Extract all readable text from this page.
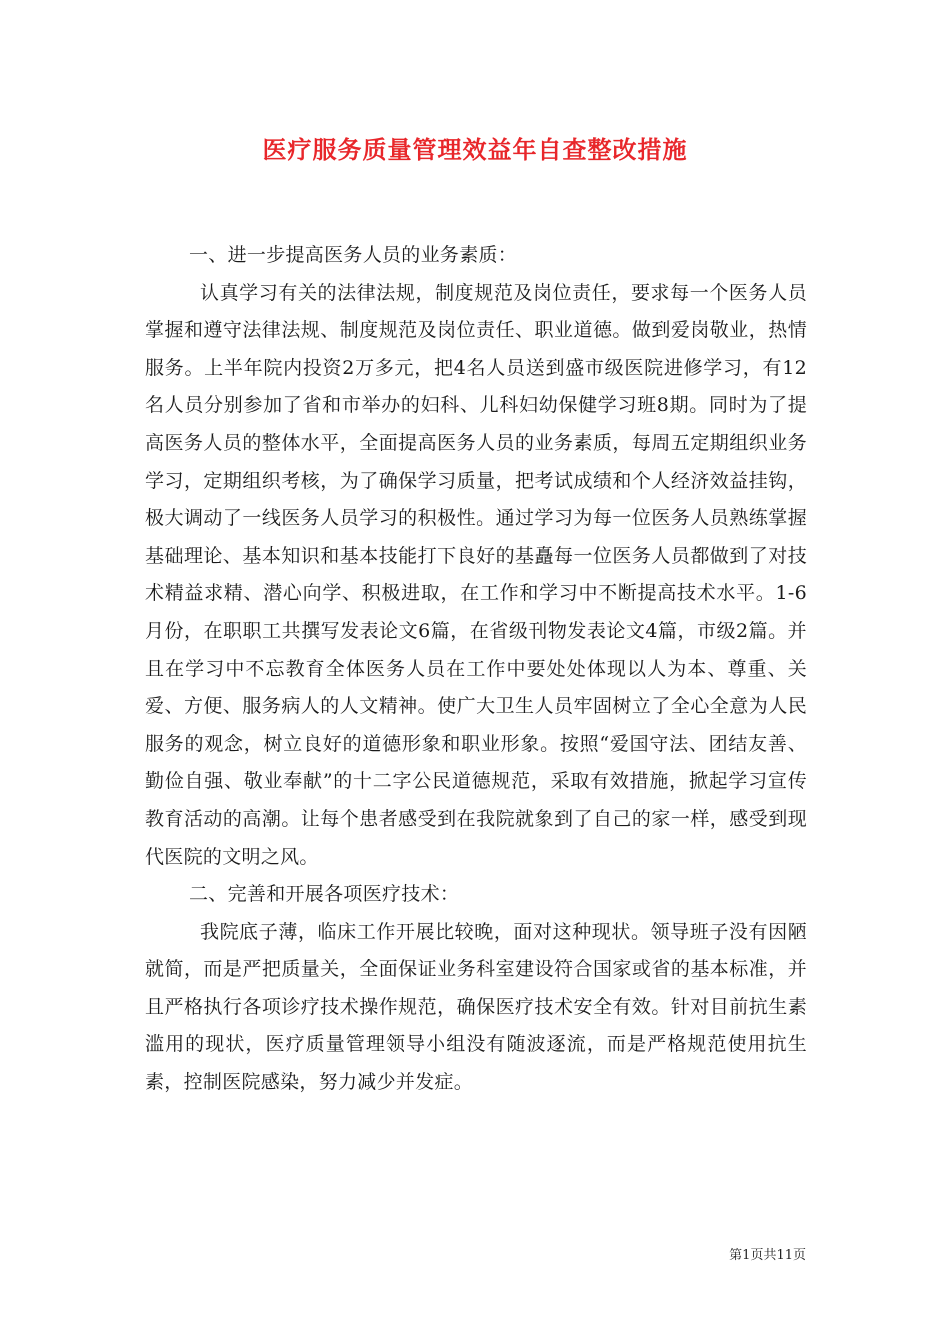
医疗服务质量管理效益年自查整改措施

一、进一步提高医务人员的业务素质：

认真学习有关的法律法规，制度规范及岗位责任，要求每一个医务人员掌握和遵守法律法规、制度规范及岗位责任、职业道德。做到爱岗敬业，热情服务。上半年院内投资2万多元，把4名人员送到盛市级医院进修学习，有12名人员分别参加了省和市举办的妇科、儿科妇幼保健学习班8期。同时为了提高医务人员的整体水平，全面提高医务人员的业务素质，每周五定期组织业务学习，定期组织考核，为了确保学习质量，把考试成绩和个人经济效益挂钩，极大调动了一线医务人员学习的积极性。通过学习为每一位医务人员熟练掌握基础理论、基本知识和基本技能打下良好的基矗每一位医务人员都做到了对技术精益求精、潜心向学、积极进取，在工作和学习中不断提高技术水平。1-6月份，在职职工共撰写发表论文6篇，在省级刊物发表论文4篇，市级2篇。并且在学习中不忘教育全体医务人员在工作中要处处体现以人为本、尊重、关爱、方便、服务病人的人文精神。使广大卫生人员牢固树立了全心全意为人民服务的观念，树立良好的道德形象和职业形象。按照“爱国守法、团结友善、勤俭自强、敬业奉献”的十二字公民道德规范，采取有效措施，掀起学习宣传教育活动的高潮。让每个患者感受到在我院就象到了自己的家一样，感受到现代医院的文明之风。

二、完善和开展各项医疗技术：

我院底子薄，临床工作开展比较晚，面对这种现状。领导班子没有因陋就简，而是严把质量关，全面保证业务科室建设符合国家或省的基本标准，并且严格执行各项诊疗技术操作规范，确保医疗技术安全有效。针对目前抗生素滥用的现状，医疗质量管理领导小组没有随波逐流，而是严格规范使用抗生素，控制医院感染，努力减少并发症。

第1页共11页
